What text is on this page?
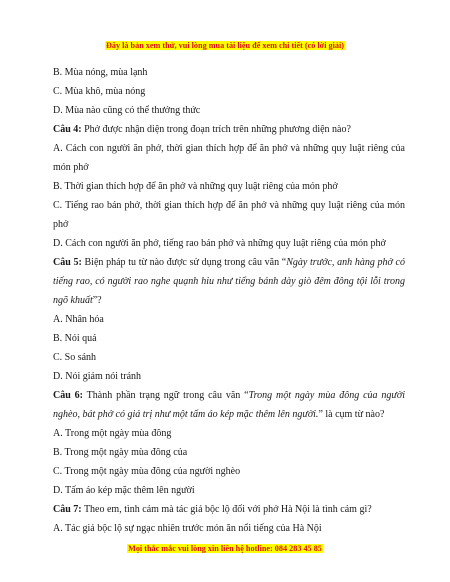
Đây là bản xem thử, vui lòng mua tài liệu để xem chi tiết (có lời giải)
B. Mùa nóng, mùa lạnh
C. Mùa khô, mùa nóng
D. Mùa nào cũng có thể thưởng thức
Câu 4: Phở được nhận diện trong đoạn trích trên những phương diện nào?
A. Cách con người ăn phở, thời gian thích hợp để ăn phở và những quy luật riêng của món phở
B. Thời gian thích hợp để ăn phở và những quy luật riêng của món phở
C. Tiếng rao bán phở, thời gian thích hợp để ăn phở và những quy luật riêng của món phở
D. Cách con người ăn phở, tiếng rao bán phở và những quy luật riêng của món phở
Câu 5: Biện pháp tu từ nào được sử dụng trong câu văn “Ngày trước, anh hàng phở có tiếng rao, có người rao nghe quạnh hiu như tiếng bánh dày giò đêm đông tội lỗi trong ngõ khuất”?
A. Nhân hóa
B. Nói quá
C. So sánh
D. Nói giảm nói tránh
Câu 6: Thành phần trạng ngữ trong câu văn “Trong một ngày mùa đông của người nghèo, bát phở có giá trị như một tấm áo kép mặc thêm lên người.” là cụm từ nào?
A. Trong một ngày mùa đông
B. Trong một ngày mùa đông của
C. Trong một ngày mùa đông của người nghèo
D. Tấm áo kép mặc thêm lên người
Câu 7: Theo em, tình cảm mà tác giả bộc lộ đối với phở Hà Nội là tình cảm gì?
A. Tác giả bộc lộ sự ngạc nhiên trước món ăn nổi tiếng của Hà Nội
Mọi thắc mắc vui lòng xin liên hệ hotline: 084 283 45 85
